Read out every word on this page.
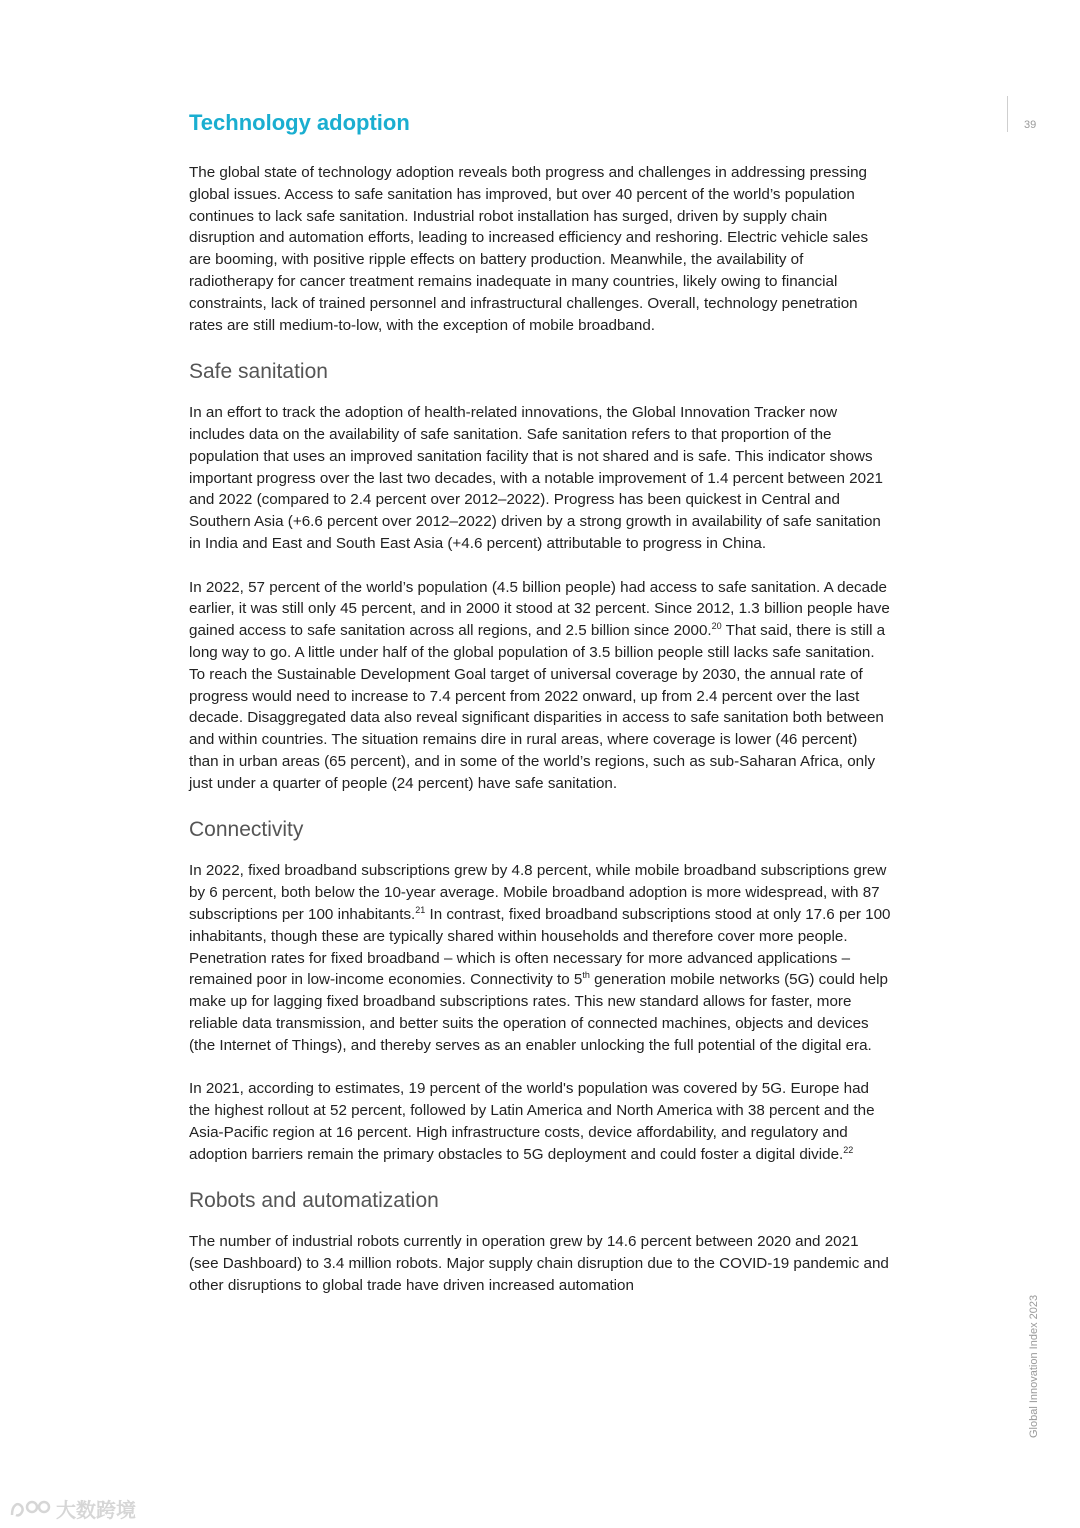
39
Global Innovation Index 2023
Technology adoption

The global state of technology adoption reveals both progress and challenges in addressing pressing global issues. Access to safe sanitation has improved, but over 40 percent of the world’s population continues to lack safe sanitation. Industrial robot installation has surged, driven by supply chain disruption and automation efforts, leading to increased efficiency and reshoring. Electric vehicle sales are booming, with positive ripple effects on battery production. Meanwhile, the availability of radiotherapy for cancer treatment remains inadequate in many countries, likely owing to financial constraints, lack of trained personnel and infrastructural challenges. Overall, technology penetration rates are still medium-to-low, with the exception of mobile broadband.

Safe sanitation

In an effort to track the adoption of health-related innovations, the Global Innovation Tracker now includes data on the availability of safe sanitation. Safe sanitation refers to that proportion of the population that uses an improved sanitation facility that is not shared and is safe. This indicator shows important progress over the last two decades, with a notable improvement of 1.4 percent between 2021 and 2022 (compared to 2.4 percent over 2012–2022). Progress has been quickest in Central and Southern Asia (+6.6 percent over 2012–2022) driven by a strong growth in availability of safe sanitation in India and East and South East Asia (+4.6 percent) attributable to progress in China.

In 2022, 57 percent of the world’s population (4.5 billion people) had access to safe sanitation. A decade earlier, it was still only 45 percent, and in 2000 it stood at 32 percent. Since 2012, 1.3 billion people have gained access to safe sanitation across all regions, and 2.5 billion since 2000.20 That said, there is still a long way to go. A little under half of the global population of 3.5 billion people still lacks safe sanitation. To reach the Sustainable Development Goal target of universal coverage by 2030, the annual rate of progress would need to increase to 7.4 percent from 2022 onward, up from 2.4 percent over the last decade. Disaggregated data also reveal significant disparities in access to safe sanitation both between and within countries. The situation remains dire in rural areas, where coverage is lower (46 percent) than in urban areas (65 percent), and in some of the world’s regions, such as sub-Saharan Africa, only just under a quarter of people (24 percent) have safe sanitation.

Connectivity

In 2022, fixed broadband subscriptions grew by 4.8 percent, while mobile broadband subscriptions grew by 6 percent, both below the 10-year average. Mobile broadband adoption is more widespread, with 87 subscriptions per 100 inhabitants.$^{21}$ In contrast, fixed broadband subscriptions stood at only 17.6 per 100 inhabitants, though these are typically shared within households and therefore cover more people. Penetration rates for fixed broadband – which is often necessary for more advanced applications – remained poor in low-income economies. Connectivity to 5th generation mobile networks (5G) could help make up for lagging fixed broadband subscriptions rates. This new standard allows for faster, more reliable data transmission, and better suits the operation of connected machines, objects and devices (the Internet of Things), and thereby serves as an enabler unlocking the full potential of the digital era.

In 2021, according to estimates, 19 percent of the world's population was covered by 5G. Europe had the highest rollout at 52 percent, followed by Latin America and North America with 38 percent and the Asia-Pacific region at 16 percent. High infrastructure costs, device affordability, and regulatory and adoption barriers remain the primary obstacles to 5G deployment and could foster a digital divide.$^{22}$

Robots and automatization

The number of industrial robots currently in operation grew by 14.6 percent between 2020 and 2021 (see Dashboard) to 3.4 million robots. Major supply chain disruption due to the COVID-19 pandemic and other disruptions to global trade have driven increased automation

大数跨境
